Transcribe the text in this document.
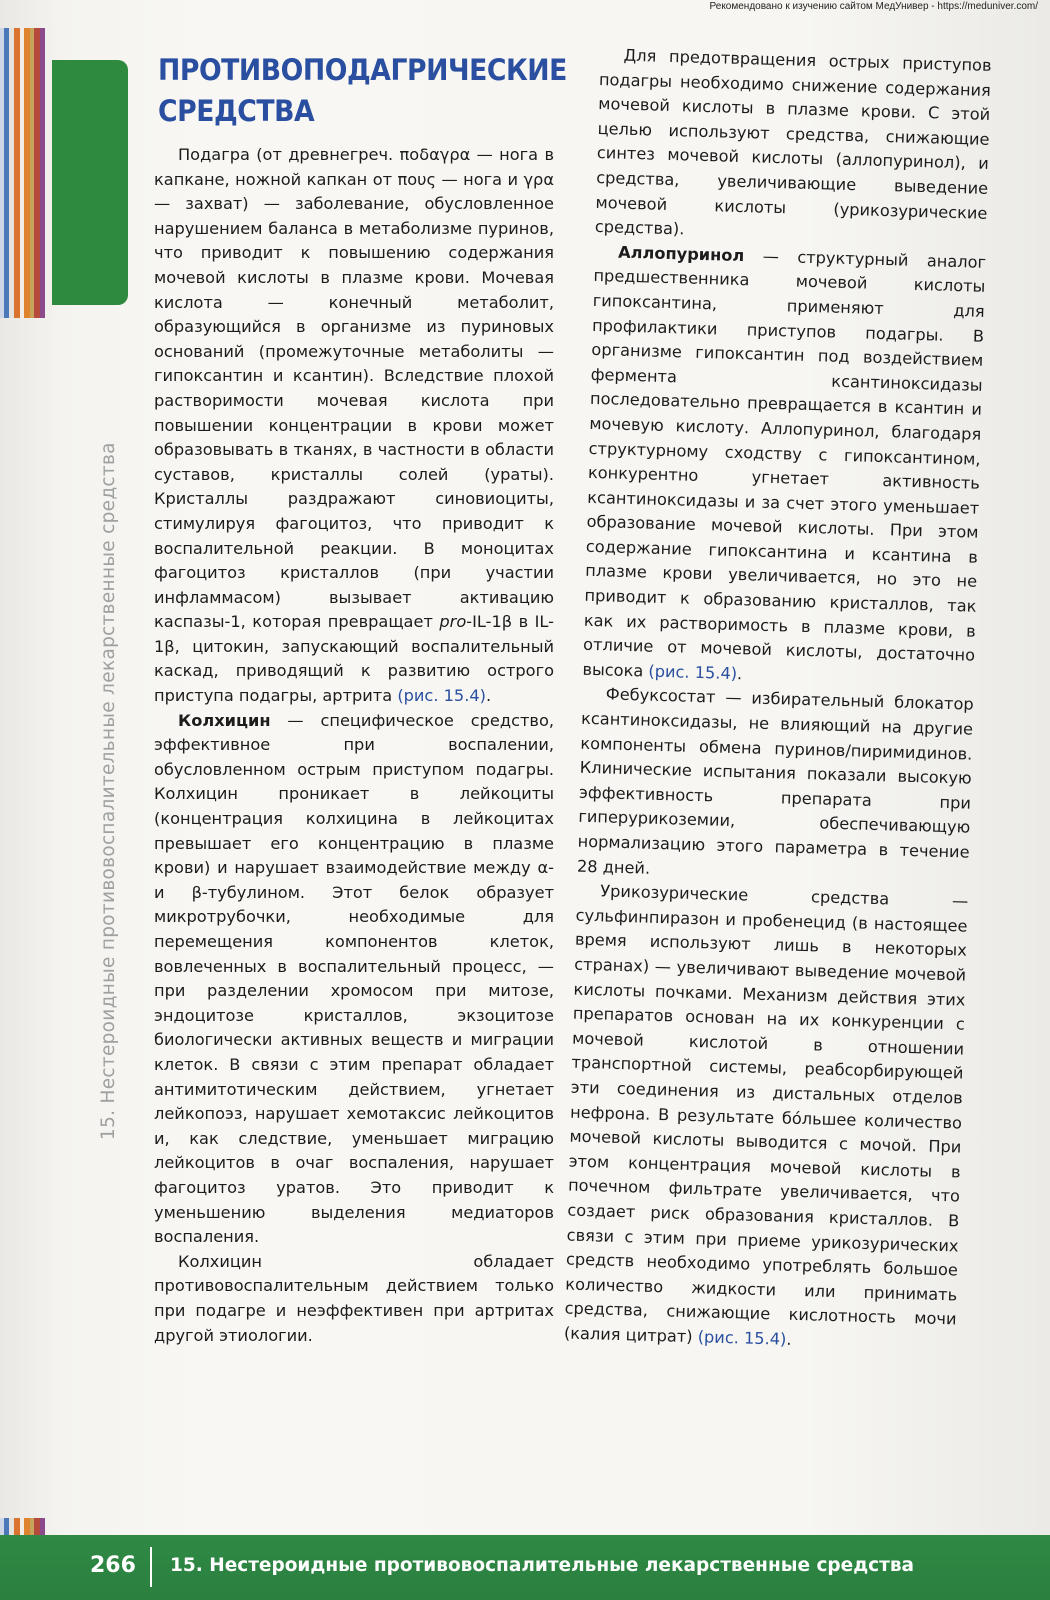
Рекомендовано к изучению сайтом МедУнивер - https://meduniver.com/
15. Нестероидные противовоспалительные лекарственные средства
ПРОТИВОПОДАГРИЧЕСКИЕ
СРЕДСТВА

Подагра (от древнегреч. ποδαγρα — нога в капкане, ножной капкан от πους — нога и γρα — захват) — заболевание, обусловленное нарушением баланса в метаболизме пуринов, что приводит к повышению содержания мочевой кислоты в плазме крови. Мочевая кислота — конечный метаболит, образующийся в организме из пуриновых оснований (промежуточные метаболиты — гипоксантин и ксантин). Вследствие плохой растворимости мочевая кислота при повышении концентрации в крови может образовывать в тканях, в частности в области суставов, кристаллы солей (ураты). Кристаллы раздражают синовиоциты, стимулируя фагоцитоз, что приводит к воспалительной реакции. В моноцитах фагоцитоз кристаллов (при участии инфламмасом) вызывает активацию каспазы-1, которая превращает pro-IL-1β в IL-1β, цитокин, запускающий воспалительный каскад, приводящий к развитию острого приступа подагры, артрита (рис. 15.4).

Колхицин — специфическое средство, эффективное при воспалении, обусловленном острым приступом подагры. Колхицин проникает в лейкоциты (концентрация колхицина в лейкоцитах превышает его концентрацию в плазме крови) и нарушает взаимодействие между α- и β-тубулином. Этот белок образует микротрубочки, необходимые для перемещения компонентов клеток, вовлеченных в воспалительный процесс, — при разделении хромосом при митозе, эндоцитозе кристаллов, экзоцитозе биологически активных веществ и миграции клеток. В связи с этим препарат обладает антимитотическим действием, угнетает лейкопоэз, нарушает хемотаксис лейкоцитов и, как следствие, уменьшает миграцию лейкоцитов в очаг воспаления, нарушает фагоцитоз уратов. Это приводит к уменьшению выделения медиаторов воспаления.

Колхицин обладает противовоспалительным действием только при подагре и неэффективен при артритах другой этиологии.

Для предотвращения острых приступов подагры необходимо снижение содержания мочевой кислоты в плазме крови. С этой целью используют средства, снижающие синтез мочевой кислоты (аллопуринол), и средства, увеличивающие выведение мочевой кислоты (урикозурические средства).

Аллопуринол — структурный аналог предшественника мочевой кислоты гипоксантина, применяют для профилактики приступов подагры. В организме гипоксантин под воздействием фермента ксантиноксидазы последовательно превращается в ксантин и мочевую кислоту. Аллопуринол, благодаря структурному сходству с гипоксантином, конкурентно угнетает активность ксантиноксидазы и за счет этого уменьшает образование мочевой кислоты. При этом содержание гипоксантина и ксантина в плазме крови увеличивается, но это не приводит к образованию кристаллов, так как их растворимость в плазме крови, в отличие от мочевой кислоты, достаточно высока (рис. 15.4).

Фебуксостат — избирательный блокатор ксантиноксидазы, не влияющий на другие компоненты обмена пуринов/пиримидинов. Клинические испытания показали высокую эффективность препарата при гиперурикоземии, обеспечивающую нормализацию этого параметра в течение 28 дней.

Урикозурические средства — сульфинпиразон и пробенецид (в настоящее время используют лишь в некоторых странах) — увеличивают выведение мочевой кислоты почками. Механизм действия этих препаратов основан на их конкуренции с мочевой кислотой в отношении транспортной системы, реабсорбирующей эти соединения из дистальных отделов нефрона. В результате бóльшее количество мочевой кислоты выводится с мочой. При этом концентрация мочевой кислоты в почечном фильтрате увеличивается, что создает риск образования кристаллов. В связи с этим при приеме урикозурических средств необходимо употреблять большое количество жидкости или принимать средства, снижающие кислотность мочи (калия цитрат) (рис. 15.4).

266 15. Нестероидные противовоспалительные лекарственные средства
